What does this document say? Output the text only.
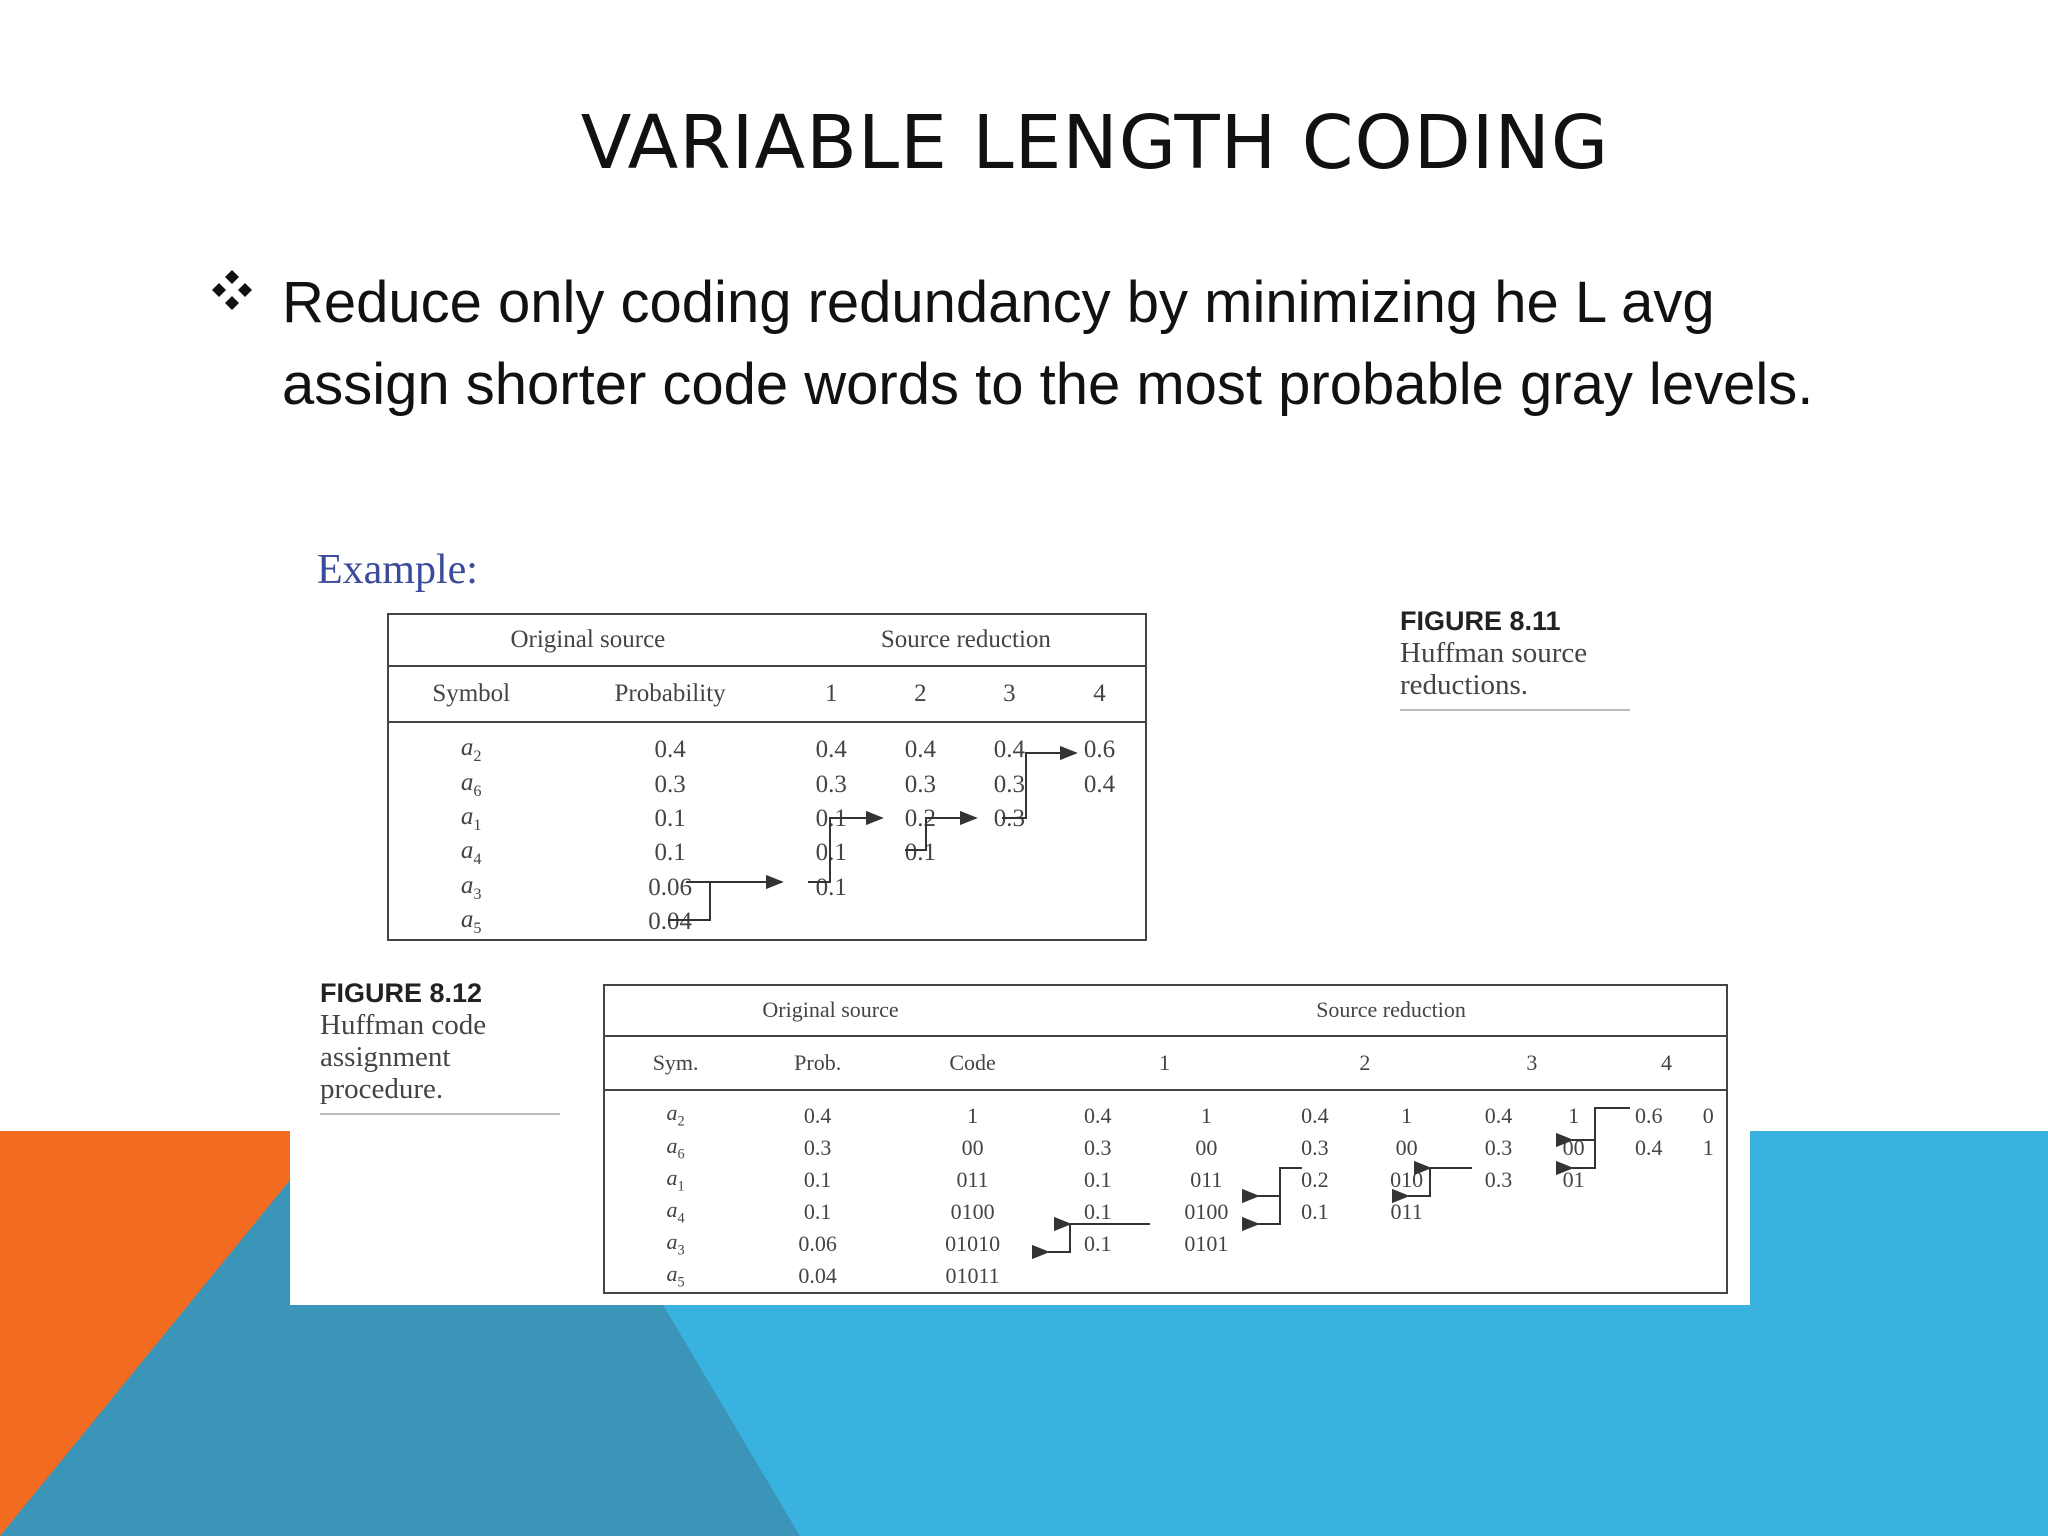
VARIABLE LENGTH CODING
Reduce only coding redundancy by minimizing he L avg assign shorter code words to the most probable gray levels.
Example:
FIGURE 8.11
Huffman source reductions.
FIGURE 8.12
Huffman code assignment procedure.
Original source		Source reduction			
Symbol	Probability	1	2	3	4
$a_2$	0.4	0.4	0.4	0.4	0.6
$a_6$	0.3	0.3	0.3	0.3	0.4
$a_1$	0.1	0.1	0.2	0.3	
$a_4$	0.1	0.1	0.1		
$a_3$	0.06	0.1			
$a_5$	0.04				
Original source			Source reduction							
Sym.	Prob.	Code	1		2		3		4	
$a_2$	0.4	1	0.4	1	0.4	1	0.4	1	0.6	0
$a_6$	0.3	00	0.3	00	0.3	00	0.3	00	0.4	1
$a_1$	0.1	011	0.1	011	0.2	010	0.3	01		
$a_4$	0.1	0100	0.1	0100	0.1	011				
$a_3$	0.06	01010	0.1	0101						
$a_5$	0.04	01011								
